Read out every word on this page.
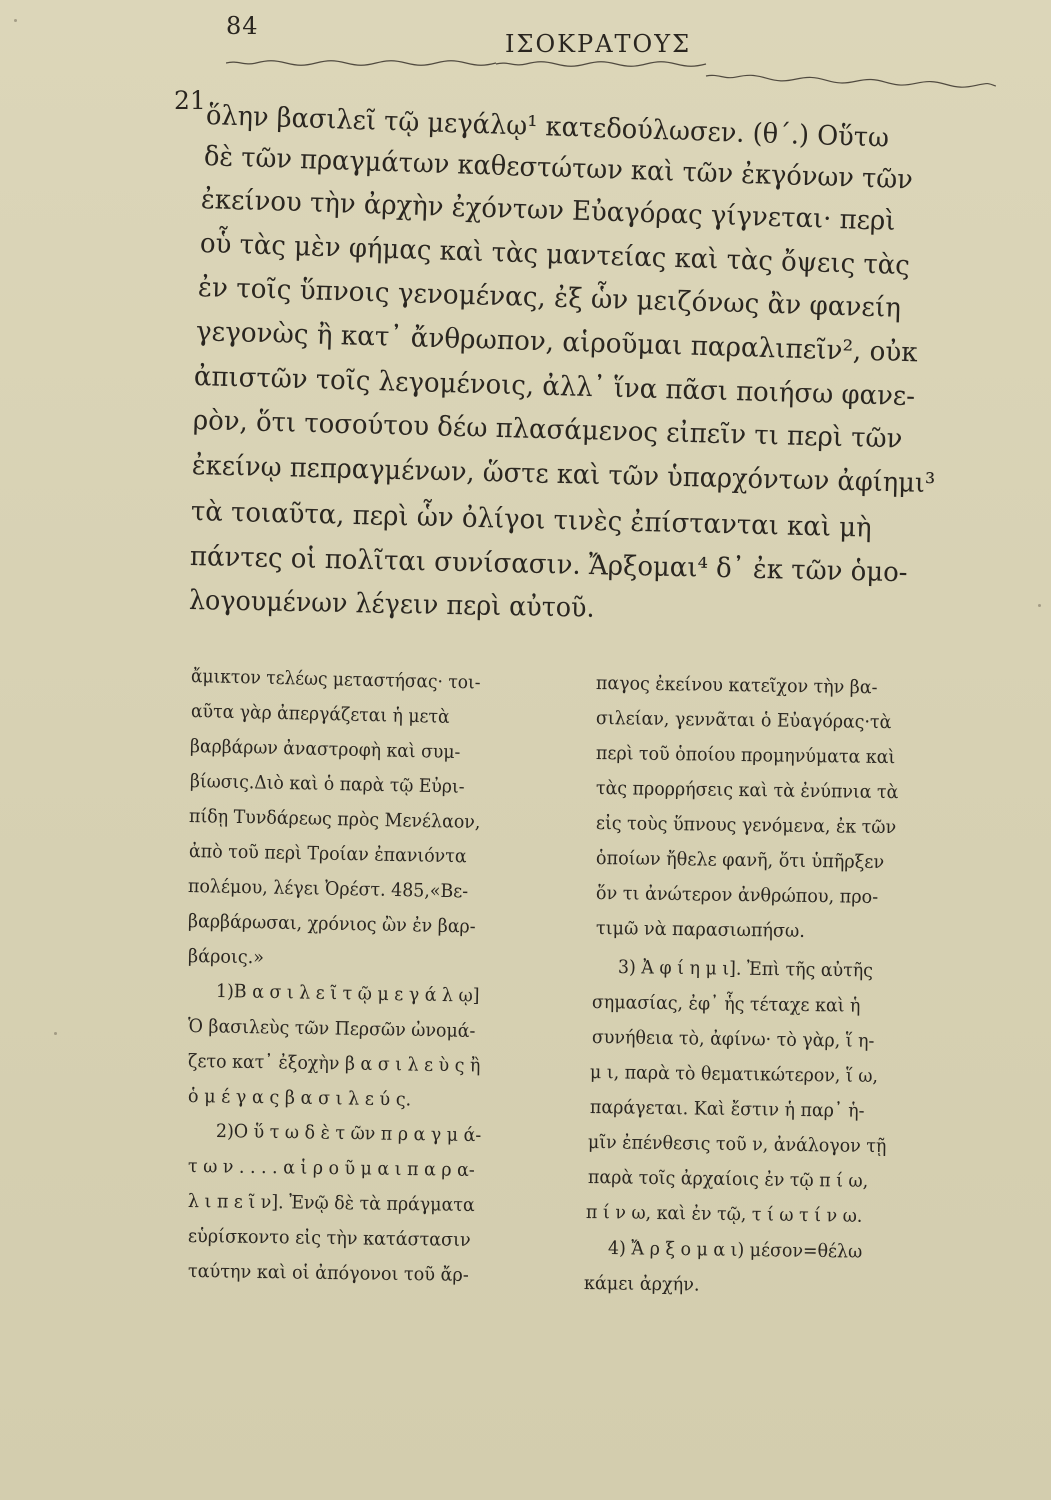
84
ΙΣΟΚΡΑΤΟΥΣ
21 ὅλην βασιλεῖ τῷ μεγάλῳ¹ κατεδούλωσεν. (θ΄.) Οὕτω
δὲ τῶν πραγμάτων καθεστώτων καὶ τῶν ἐκγόνων τῶν
ἐκείνου τὴν ἀρχὴν ἐχόντων Εὐαγόρας γίγνεται· περὶ
οὗ τὰς μὲν φήμας καὶ τὰς μαντείας καὶ τὰς ὄψεις τὰς
ἐν τοῖς ὕπνοις γενομένας, ἐξ ὧν μειζόνως ἂν φανείη
γεγονὼς ἢ κατ᾽ ἄνθρωπον, αἱροῦμαι παραλιπεῖν², οὐκ
ἀπιστῶν τοῖς λεγομένοις, ἀλλ᾽ ἵνα πᾶσι ποιήσω φανε-
ρὸν, ὅτι τοσούτου δέω πλασάμενος εἰπεῖν τι περὶ τῶν
ἐκείνῳ πεπραγμένων, ὥστε καὶ τῶν ὑπαρχόντων ἀφίημι³
τὰ τοιαῦτα, περὶ ὧν ὀλίγοι τινὲς ἐπίστανται καὶ μὴ
πάντες οἱ πολῖται συνίσασιν. Ἄρξομαι⁴ δ᾽ ἐκ τῶν ὁμο-
λογουμένων λέγειν περὶ αὐτοῦ.
ἄμικτον τελέως μεταστήσας· τοι-
αῦτα γὰρ ἀπεργάζεται ἡ μετὰ
βαρβάρων ἀναστροφὴ καὶ συμ-
βίωσις.Διὸ καὶ ὁ παρὰ τῷ Εὐρι-
πίδῃ Τυνδάρεως πρὸς Μενέλαον,
ἀπὸ τοῦ περὶ Τροίαν ἐπανιόντα
πολέμου, λέγει Ὀρέστ. 485,«Βε-
βαρβάρωσαι, χρόνιος ὢν ἐν βαρ-
βάροις.»
1)Β α σ ι λ ε ῖ τ ῷ μ ε γ ά λ ῳ]
Ὁ βασιλεὺς τῶν Περσῶν ὠνομά-
ζετο κατ᾽ ἐξοχὴν β α σ ι λ ε ὺ ς ἢ
ὁ μ έ γ α ς β α σ ι λ ε ύ ς.
2)Ο ὕ τ ω δ ὲ τ ῶν π ρ α γ μ ά-
τ ω ν . . . . α ἱ ρ ο ῦ μ α ι π α ρ α-
λ ι π ε ῖ ν]. Ἐνῷ δὲ τὰ πράγματα
εὑρίσκοντο εἰς τὴν κατάστασιν
ταύτην καὶ οἱ ἀπόγονοι τοῦ ἄρ-
παγος ἐκείνου κατεῖχον τὴν βα-
σιλείαν, γεννᾶται ὁ Εὐαγόρας·τὰ
περὶ τοῦ ὁποίου προμηνύματα καὶ
τὰς προρρήσεις καὶ τὰ ἐνύπνια τὰ
εἰς τοὺς ὕπνους γενόμενα, ἐκ τῶν
ὁποίων ἤθελε φανῆ, ὅτι ὑπῆρξεν
ὅν τι ἀνώτερον ἀνθρώπου, προ-
τιμῶ νὰ παρασιωπήσω.
3) Ἀ φ ί η μ ι]. Ἐπὶ τῆς αὐτῆς
σημασίας, ἐφ᾽ ἧς τέταχε καὶ ἡ
συνήθεια τὸ, ἀφίνω· τὸ γὰρ, ἵ η-
μ ι, παρὰ τὸ θεματικώτερον, ἵ ω,
παράγεται. Καὶ ἔστιν ἡ παρ᾽ ἡ-
μῖν ἐπένθεσις τοῦ ν, ἀνάλογον τῇ
παρὰ τοῖς ἀρχαίοις ἐν τῷ π ί ω,
π ί ν ω, καὶ ἐν τῷ, τ ί ω τ ί ν ω.
4) Ἄ ρ ξ ο μ α ι) μέσον=θέλω
κάμει ἀρχήν.
